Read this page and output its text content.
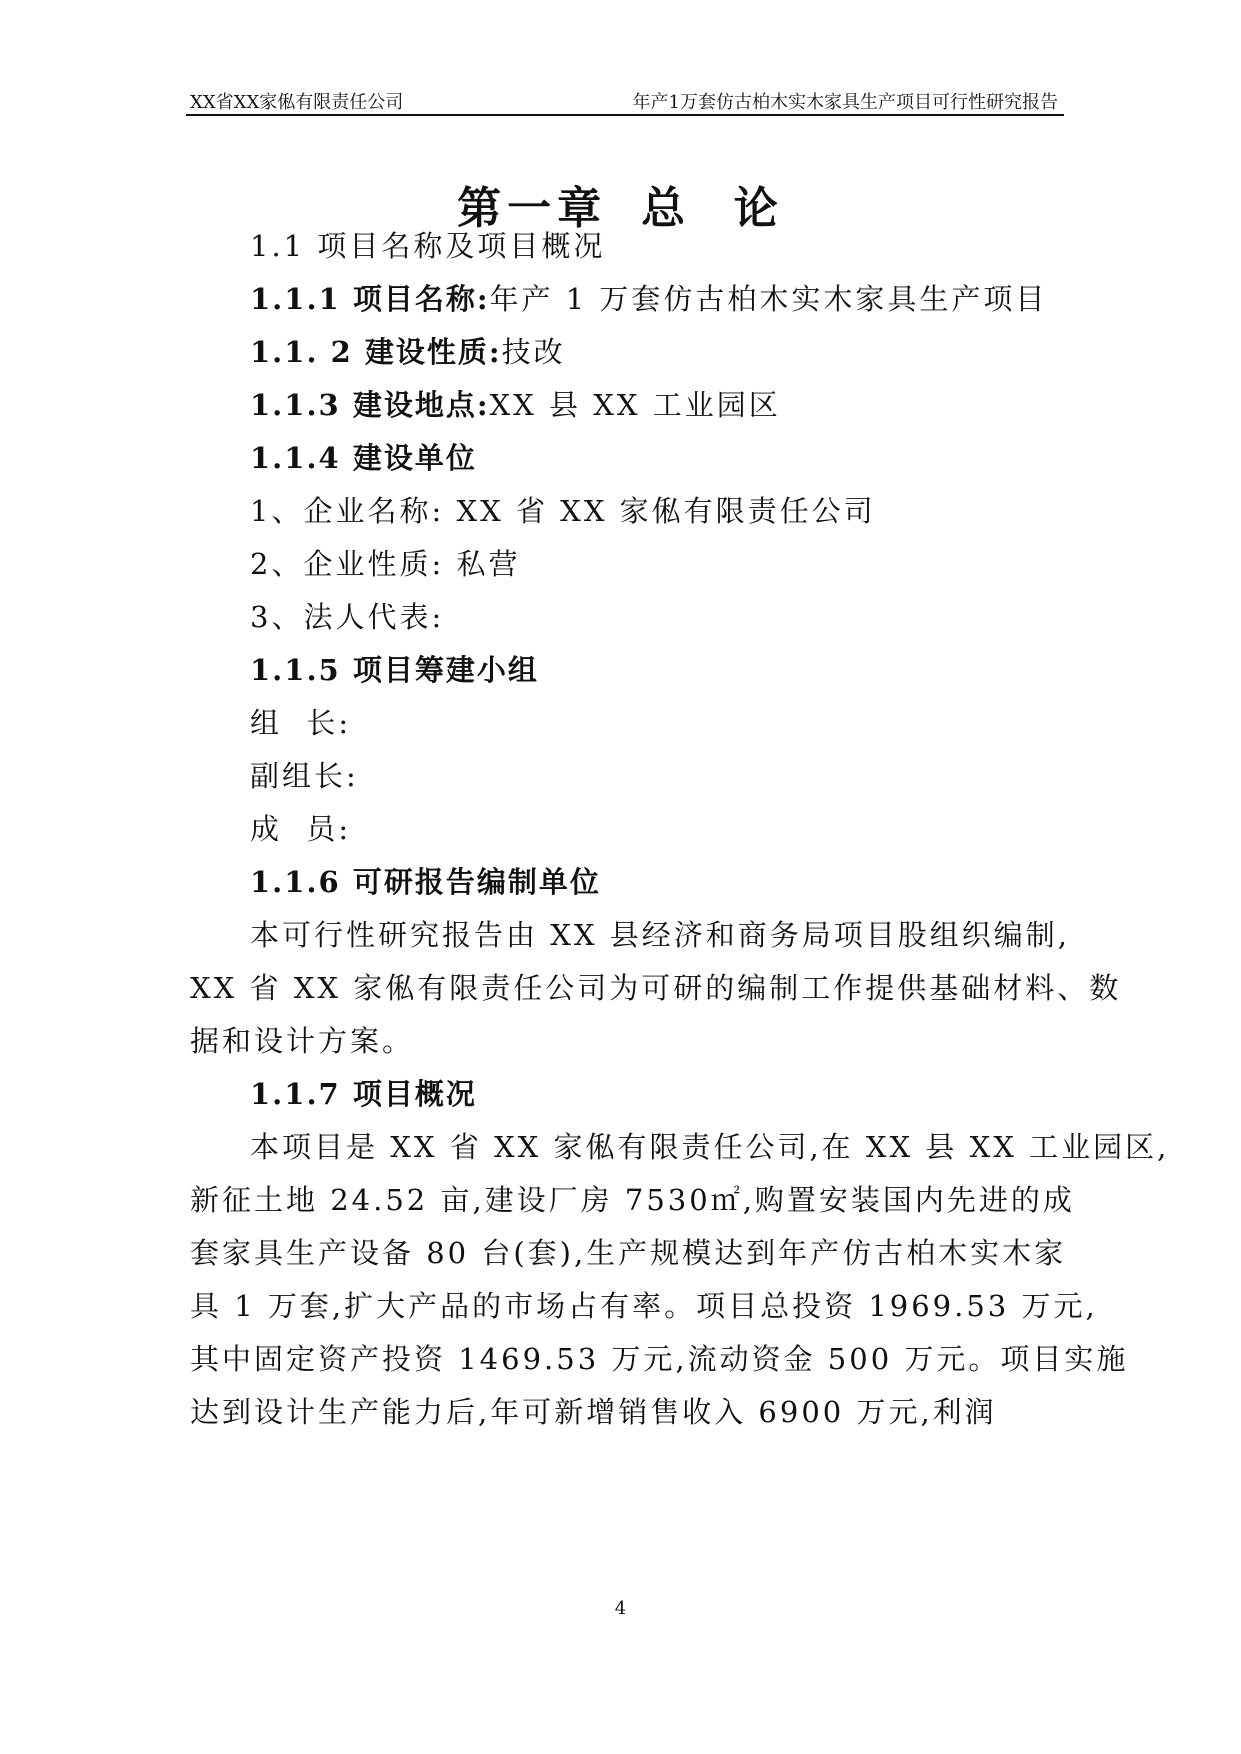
XX省XX家俬有限责任公司	年产1万套仿古柏木实木家具生产项目可行性研究报告
第一章 总  论
1.1 项目名称及项目概况
1.1.1 项目名称:年产 1 万套仿古柏木实木家具生产项目
1.1. 2 建设性质:技改
1.1.3 建设地点:XX 县 XX 工业园区
1.1.4 建设单位
1、企业名称: XX 省 XX 家俬有限责任公司
2、企业性质: 私营
3、法人代表:
1.1.5 项目筹建小组
组  长:
副组长:
成  员:
1.1.6 可研报告编制单位
本可行性研究报告由 XX 县经济和商务局项目股组织编制,
XX 省 XX 家俬有限责任公司为可研的编制工作提供基础材料、数
据和设计方案。
1.1.7 项目概况
本项目是 XX 省 XX 家俬有限责任公司,在 XX 县 XX 工业园区,
新征土地 24.52 亩,建设厂房 7530㎡,购置安装国内先进的成
套家具生产设备 80 台(套),生产规模达到年产仿古柏木实木家
具 1 万套,扩大产品的市场占有率。项目总投资 1969.53 万元,
其中固定资产投资 1469.53 万元,流动资金 500 万元。项目实施
达到设计生产能力后,年可新增销售收入 6900 万元,利润
4
